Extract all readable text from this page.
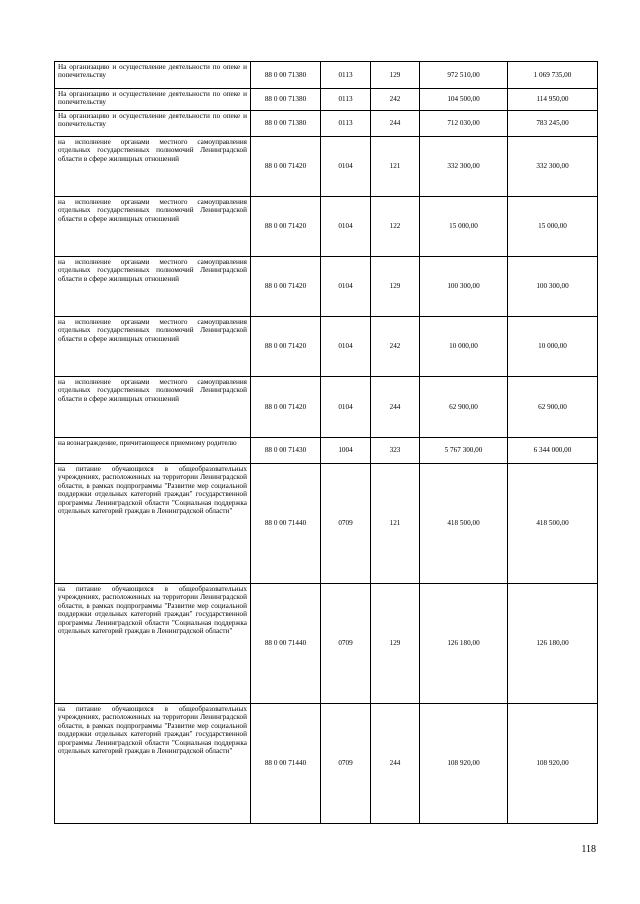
На организацию и осуществление деятельности по опеке и попечительству	88 0 00 71380	0113	129	972 510,00	1 069 735,00
На организацию и осуществление деятельности по опеке и попечительству	88 0 00 71380	0113	242	104 500,00	114 950,00
На организацию и осуществление деятельности по опеке и попечительству	88 0 00 71380	0113	244	712 030,00	783 245,00
на исполнение органами местного самоуправления отдельных государственных полномочий Ленинградской области в сфере жилищных отношений	88 0 00 71420	0104	121	332 300,00	332 300,00
на исполнение органами местного самоуправления отдельных государственных полномочий Ленинградской области в сфере жилищных отношений	88 0 00 71420	0104	122	15 000,00	15 000,00
на исполнение органами местного самоуправления отдельных государственных полномочий Ленинградской области в сфере жилищных отношений	88 0 00 71420	0104	129	100 300,00	100 300,00
на исполнение органами местного самоуправления отдельных государственных полномочий Ленинградской области в сфере жилищных отношений	88 0 00 71420	0104	242	10 000,00	10 000,00
на исполнение органами местного самоуправления отдельных государственных полномочий Ленинградской области в сфере жилищных отношений	88 0 00 71420	0104	244	62 900,00	62 900,00
на вознаграждение, причитающееся приемному родителю	88 0 00 71430	1004	323	5 767 300,00	6 344 000,00
на питание обучающихся в общеобразовательных учреждениях, расположенных на территории Ленинградской области, в рамках подпрограммы "Развитие мер социальной поддержки отдельных категорий граждан" государственной программы Ленинградской области "Социальная поддержка отдельных категорий граждан в Ленинградской области"	88 0 00 71440	0709	121	418 500,00	418 500,00
на питание обучающихся в общеобразовательных учреждениях, расположенных на территории Ленинградской области, в рамках подпрограммы "Развитие мер социальной поддержки отдельных категорий граждан" государственной программы Ленинградской области "Социальная поддержка отдельных категорий граждан в Ленинградской области"	88 0 00 71440	0709	129	126 180,00	126 180,00
на питание обучающихся в общеобразовательных учреждениях, расположенных на территории Ленинградской области, в рамках подпрограммы "Развитие мер социальной поддержки отдельных категорий граждан" государственной программы Ленинградской области "Социальная поддержка отдельных категорий граждан в Ленинградской области"	88 0 00 71440	0709	244	108 920,00	108 920,00
118
